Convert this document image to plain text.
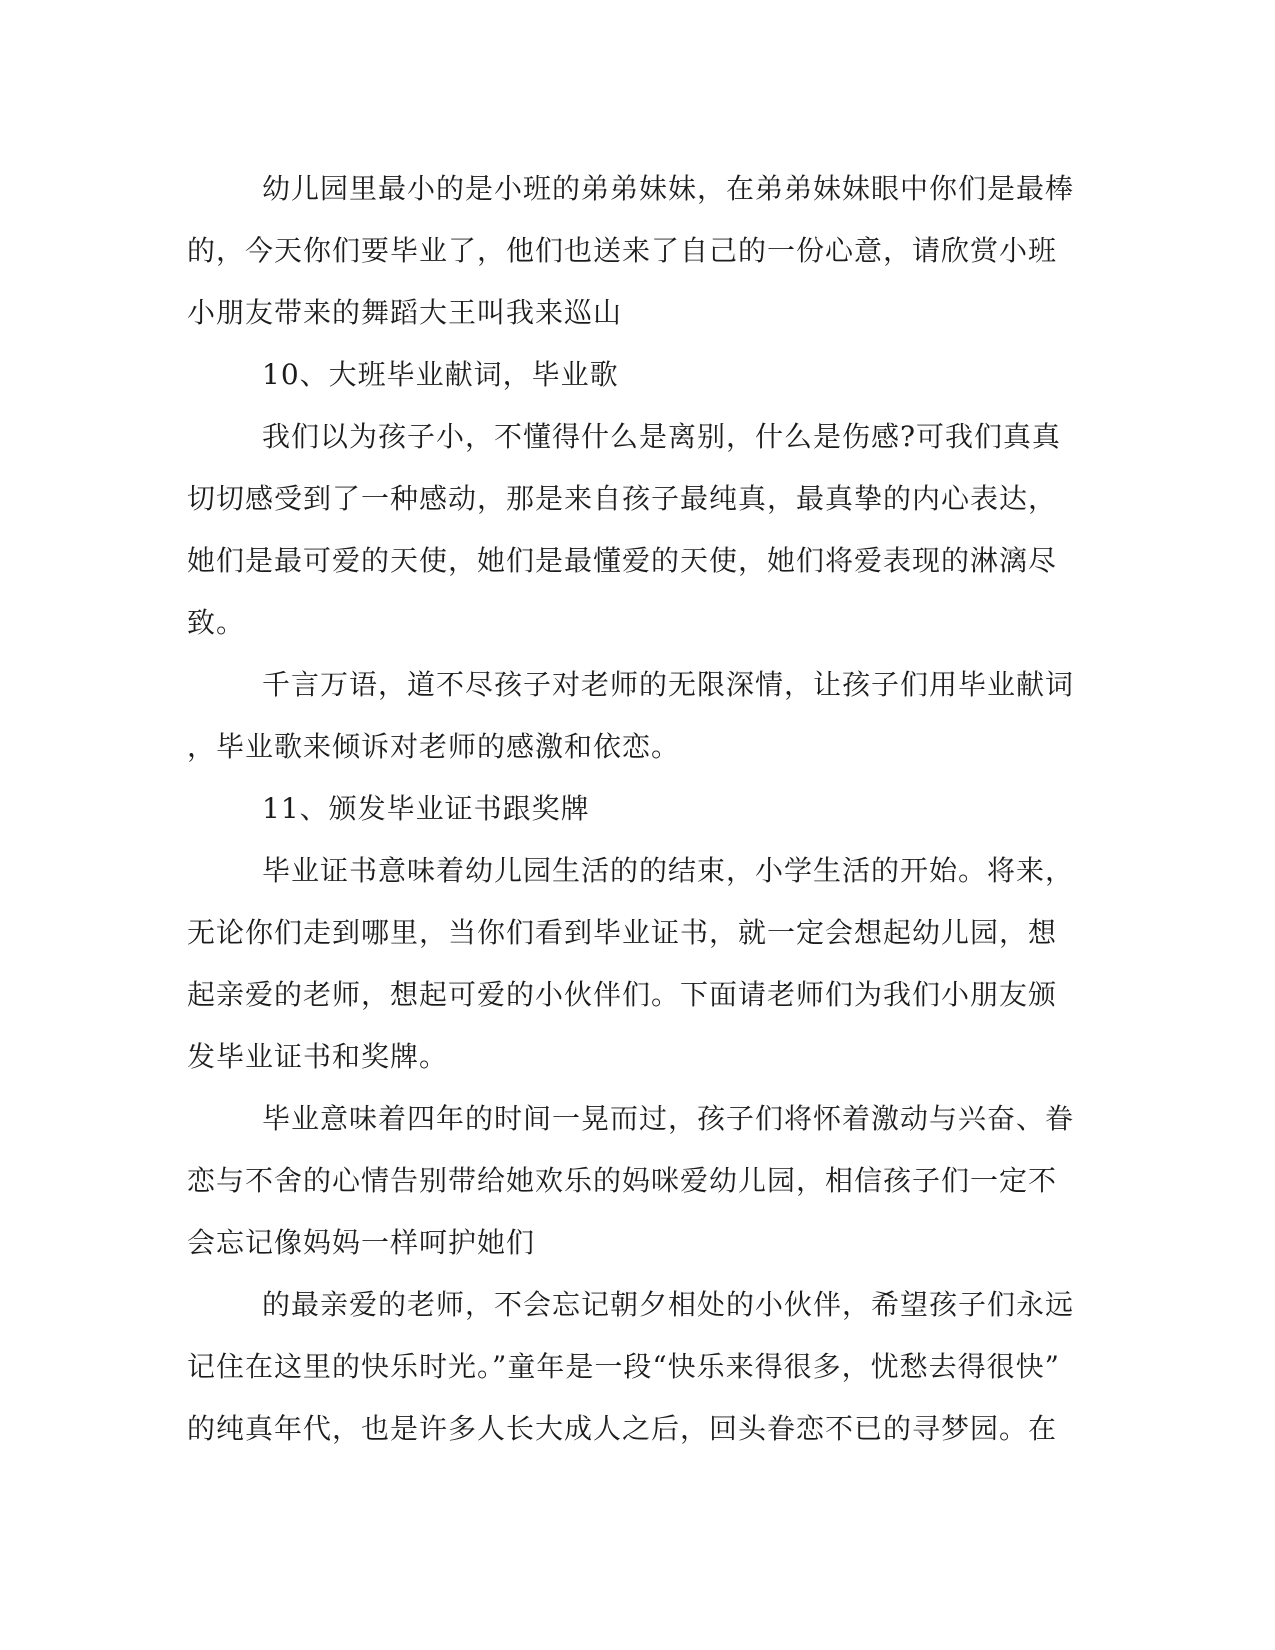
幼儿园里最小的是小班的弟弟妹妹，在弟弟妹妹眼中你们是最棒
的，今天你们要毕业了，他们也送来了自己的一份心意，请欣赏小班
小朋友带来的舞蹈大王叫我来巡山
10、大班毕业献词，毕业歌
我们以为孩子小，不懂得什么是离别，什么是伤感?可我们真真
切切感受到了一种感动，那是来自孩子最纯真，最真挚的内心表达，
她们是最可爱的天使，她们是最懂爱的天使，她们将爱表现的淋漓尽
致。
千言万语，道不尽孩子对老师的无限深情，让孩子们用毕业献词
，毕业歌来倾诉对老师的感激和依恋。
11、颁发毕业证书跟奖牌
毕业证书意味着幼儿园生活的的结束，小学生活的开始。将来，
无论你们走到哪里，当你们看到毕业证书，就一定会想起幼儿园，想
起亲爱的老师，想起可爱的小伙伴们。下面请老师们为我们小朋友颁
发毕业证书和奖牌。
毕业意味着四年的时间一晃而过，孩子们将怀着激动与兴奋、眷
恋与不舍的心情告别带给她欢乐的妈咪爱幼儿园，相信孩子们一定不
会忘记像妈妈一样呵护她们
的最亲爱的老师，不会忘记朝夕相处的小伙伴，希望孩子们永远
记住在这里的快乐时光。”童年是一段“快乐来得很多，忧愁去得很快”
的纯真年代，也是许多人长大成人之后，回头眷恋不已的寻梦园。在
